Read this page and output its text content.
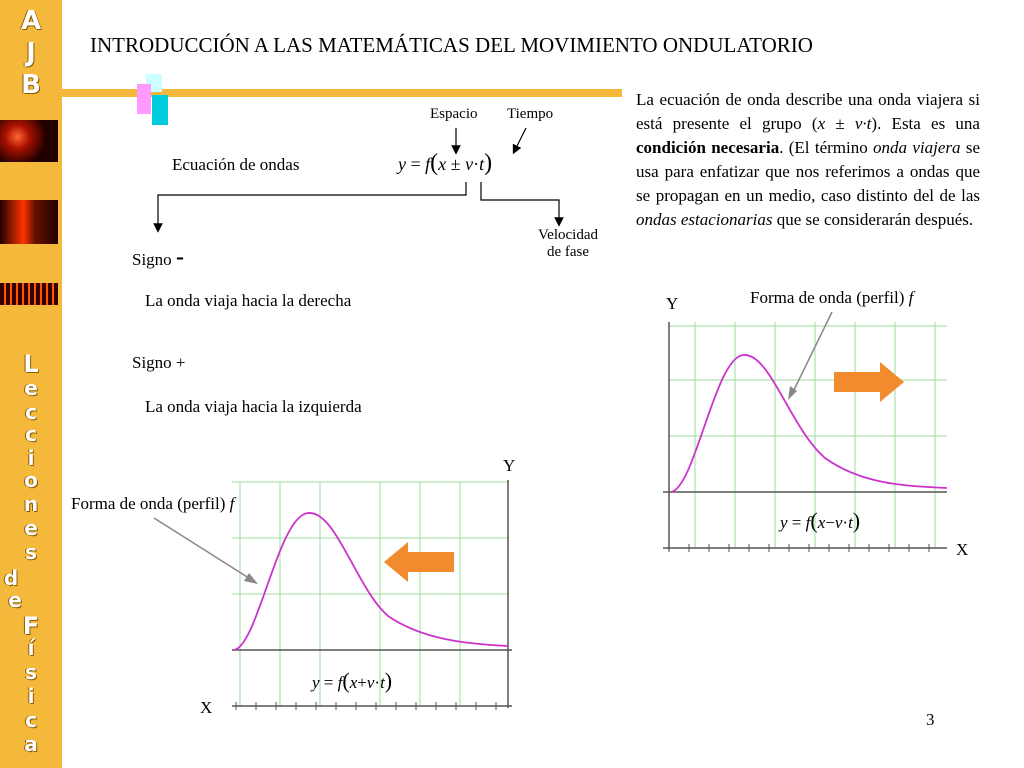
A
J
B
L
e
c
c
i
o
n
e
s
d
e
F
í
s
i
c
a
INTRODUCCIÓN A LAS MATEMÁTICAS DEL MOVIMIENTO ONDULATORIO
Espacio Tiempo
Ecuación de ondas	y = f(x ± v·t)
Velocidad
de fase
Signo -
La onda viaja hacia la derecha
Signo +
La onda viaja hacia la izquierda
La ecuación de onda describe una onda viajera si está presente el grupo (x ± v·t). Esta es una condición necesaria. (El término onda viajera se usa para enfatizar que nos referimos a ondas que se propagan en un medio, caso distinto del de las ondas estacionarias que se considerarán después.
Y
X
Forma de onda (perfil) f
y = f(x−v·t)
Y
X
Forma de onda (perfil) f
y = f(x+v·t)
3
